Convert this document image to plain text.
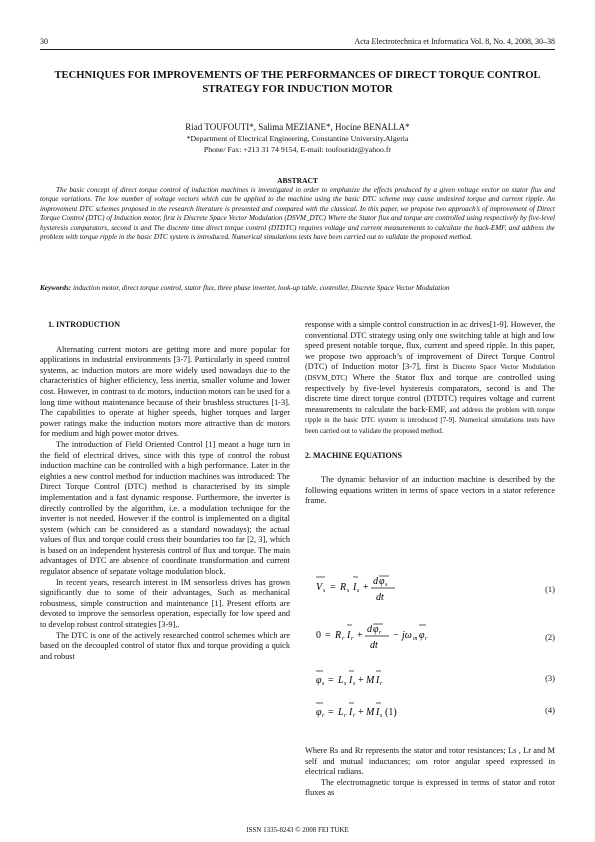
30	Acta Electrotechnica et Informatica Vol. 8, No. 4, 2008, 30–38
TECHNIQUES FOR IMPROVEMENTS OF THE PERFORMANCES OF DIRECT TORQUE CONTROL STRATEGY FOR INDUCTION MOTOR
Riad TOUFOUTI*, Salima MEZIANE*, Hocine BENALLA*
*Department of Electrical Engineering, Constantine University,Algeria
Phone/ Fax: +213 31 74 9154, E-mail: toufoutidz@yahoo.fr
ABSTRACT
The basic concept of direct torque control of induction machines is investigated in order to emphasize the effects produced by a given voltage vector on stator flux and torque variations. The low number of voltage vectors which can be applied to the machine using the basic DTC scheme may cause undesired torque and current ripple. An improvement DTC schemes proposed in the research literature is presented and compared with the classical. In this paper, we propose two approach’s of improvement of Direct Torque Control (DTC) of Induction motor, first is Discrete Space Vector Modulation (DSVM_DTC) Where the Stator flux and torque are controlled using respectively by five-level hysteresis comparators, second is and The discrete time direct torque control (DTDTC) requires voltage and current measurements to calculate the back-EMF, and address the problem with torque ripple in the basic DTC system is introduced. Numerical simulations tests have been carried out to validate the proposed method.
Keywords: induction motor, direct torque control, stator flux, three phase inverter, look-up table, controller, Discrete Space Vector Modulation
1. INTRODUCTION

Alternating current motors are getting more and more popular for applications in industrial environments [3-7]. Particularly in speed control systems, ac induction motors are more widely used nowadays due to the characteristics of higher efficiency, less inertia, smaller volume and lower cost. However, in contrast to dc motors, induction motors can be used for a long time without maintenance because of their brushless structures [1-3]. The capabilities to operate at higher speeds, higher torques and larger power ratings make the induction motors more attractive than dc motors for medium and high power motor drives.

The introduction of Field Oriented Control [1] meant a huge turn in the field of electrical drives, since with this type of control the robust induction machine can be controlled with a high performance. Later in the eighties a new control method for induction machines was introduced: The Direct Torque Control (DTC) method is characterised by its simple implementation and a fast dynamic response. Furthermore, the inverter is directly controlled by the algorithm, i.e. a modulation technique for the inverter is not needed. However if the control is implemented on a digital system (which can be considered as a standard nowadays); the actual values of flux and torque could cross their boundaries too far [2, 3], which is based on an independent hysteresis control of flux and torque. The main advantages of DTC are absence of coordinate transformation and current regulator absence of separate voltage modulation block.

In recent years, research interest in IM sensorless drives has grown significantly due to some of their advantages, Such as mechanical robustness, simple construction and maintenance [1]. Present efforts are devoted to improve the sensorless operation, especially for low speed and to develop robust control strategies [3-9],.

The DTC is one of the actively researched control schemes which are based on the decoupled control of stator flux and torque providing a quick and robust

response with a simple control construction in ac drives[1-9]. However, the conventional DTC strategy using only one switching table at high and low speed present notable torque, flux, current and speed ripple. In this paper, we propose two approach’s of improvement of Direct Torque Control (DTC) of Induction motor [3-7], first is Discrete Space Vector Modulation (DSVM_DTC) Where the Stator flux and torque are controlled using respectively by five-level hysteresis comparators, second is and The discrete time direct torque control (DTDTC) requires voltage and current measurements to calculate the back-EMF, and address the problem with torque ripple in the basic DTC system is introduced [7-9]. Numerical simulations tests have been carried out to validate the proposed method.

2. MACHINE EQUATIONS

The dynamic behavior of an induction machine is described by the following equations written in terms of space vectors in a stator reference frame.

V s = R s I s +
d φ s
dt
(1)
0 = R r I r +
d φ r
dt
− jω m φ r	(2)
φ s = L s I s + M I r
(3)
φ r = L r I r + M I s (1)	(4)

Where Rs and Rr represents the stator and rotor resistances; Ls , Lr and M self and mutual inductances; ωm rotor angular speed expressed in electrical radians.

The electromagnetic torque is expressed in terms of stator and rotor fluxes as

ISSN 1335-8243 © 2008 FEI TUKE
